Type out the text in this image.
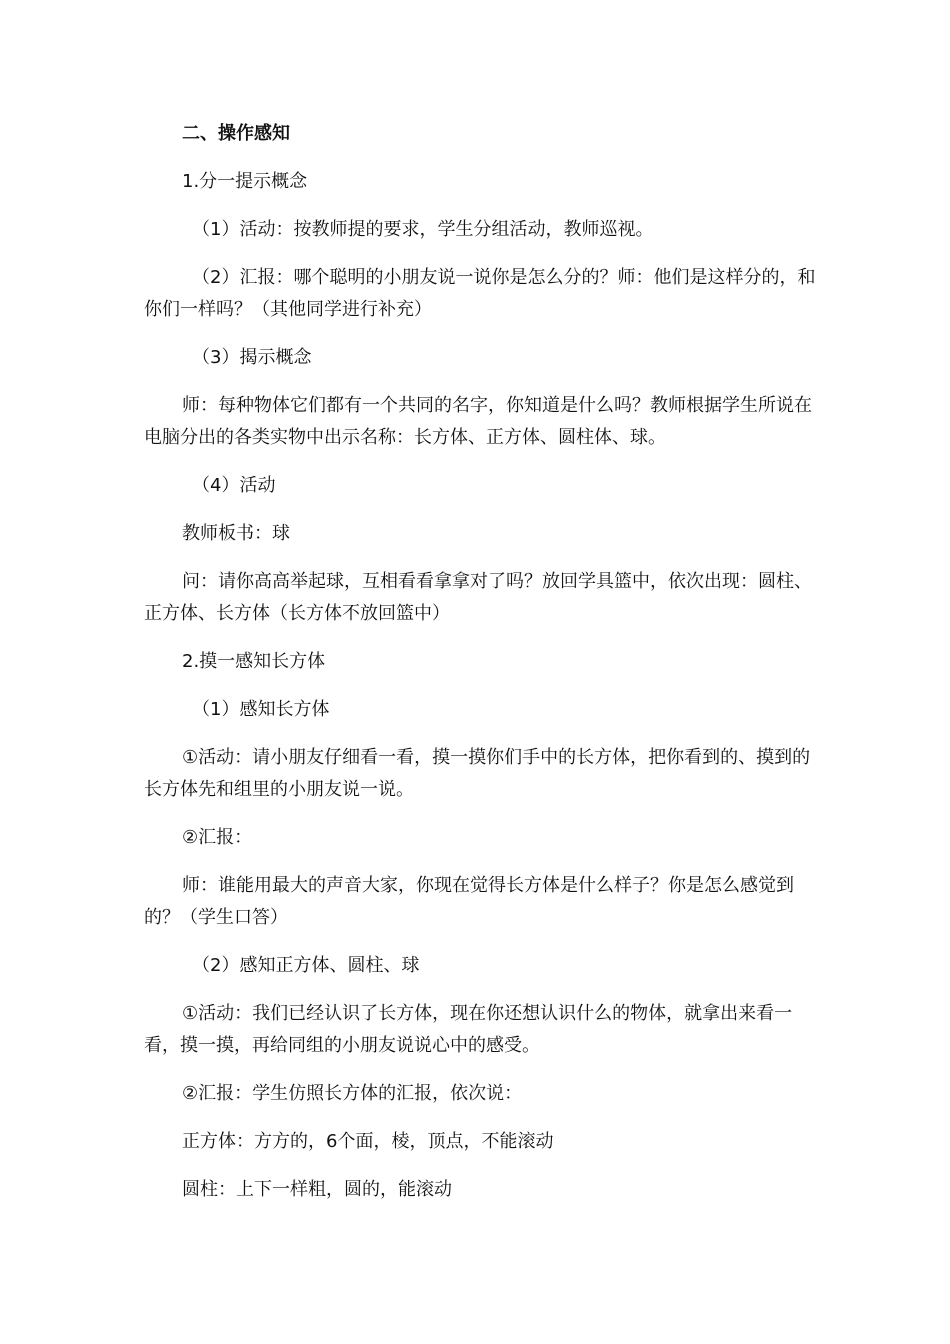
二、操作感知

1.分一提示概念

（1）活动：按教师提的要求，学生分组活动，教师巡视。

（2）汇报：哪个聪明的小朋友说一说你是怎么分的？师：他们是这样分的，和你们一样吗？（其他同学进行补充）

（3）揭示概念

师：每种物体它们都有一个共同的名字，你知道是什么吗？教师根据学生所说在电脑分出的各类实物中出示名称：长方体、正方体、圆柱体、球。

（4）活动

教师板书：球

问：请你高高举起球，互相看看拿拿对了吗？放回学具篮中，依次出现：圆柱、正方体、长方体（长方体不放回篮中）

2.摸一感知长方体

（1）感知长方体

①活动：请小朋友仔细看一看，摸一摸你们手中的长方体，把你看到的、摸到的长方体先和组里的小朋友说一说。

②汇报：

师：谁能用最大的声音大家，你现在觉得长方体是什么样子？你是怎么感觉到的？（学生口答）

（2）感知正方体、圆柱、球

①活动：我们已经认识了长方体，现在你还想认识什么的物体，就拿出来看一看，摸一摸，再给同组的小朋友说说心中的感受。

②汇报：学生仿照长方体的汇报，依次说：

正方体：方方的，6个面，棱，顶点，不能滚动

圆柱：上下一样粗，圆的，能滚动
